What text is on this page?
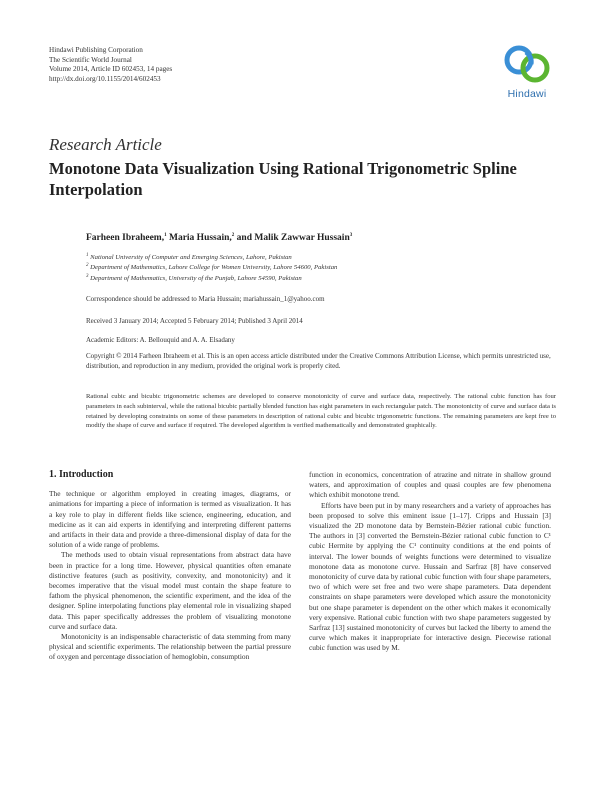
Hindawi Publishing Corporation
The Scientific World Journal
Volume 2014, Article ID 602453, 14 pages
http://dx.doi.org/10.1155/2014/602453
Hindawi
Research Article
Monotone Data Visualization Using Rational Trigonometric Spline Interpolation
Farheen Ibraheem,$^1$ Maria Hussain,$^2$ and Malik Zawwar Hussain$^3$
$^1$ National University of Computer and Emerging Sciences, Lahore, Pakistan
$^2$ Department of Mathematics, Lahore College for Women University, Lahore 54600, Pakistan
$^3$ Department of Mathematics, University of the Punjab, Lahore 54590, Pakistan
Correspondence should be addressed to Maria Hussain; mariahussain_1@yahoo.com
Received 3 January 2014; Accepted 5 February 2014; Published 3 April 2014
Academic Editors: A. Bellouquid and A. A. Elsadany
Copyright © 2014 Farheen Ibraheem et al. This is an open access article distributed under the Creative Commons Attribution License, which permits unrestricted use, distribution, and reproduction in any medium, provided the original work is properly cited.
Rational cubic and bicubic trigonometric schemes are developed to conserve monotonicity of curve and surface data, respectively. The rational cubic function has four parameters in each subinterval, while the rational bicubic partially blended function has eight parameters in each rectangular patch. The monotonicity of curve and surface data is retained by developing constraints on some of these parameters in description of rational cubic and bicubic trigonometric functions. The remaining parameters are kept free to modify the shape of curve and surface if required. The developed algorithm is verified mathematically and demonstrated graphically.
1. Introduction

The technique or algorithm employed in creating images, diagrams, or animations for imparting a piece of information is termed as visualization. It has a key role to play in different fields like science, engineering, education, and medicine as it can aid experts in identifying and interpreting different patterns and artifacts in their data and provide a three-dimensional display of data for the solution of a wide range of problems.

The methods used to obtain visual representations from abstract data have been in practice for a long time. However, physical quantities often emanate distinctive features (such as positivity, convexity, and monotonicity) and it becomes imperative that the visual model must contain the shape feature to fathom the physical phenomenon, the scientific experiment, and the idea of the designer. Spline interpolating functions play elemental role in visualizing shaped data. This paper specifically addresses the problem of visualizing monotone curve and surface data.

Monotonicity is an indispensable characteristic of data stemming from many physical and scientific experiments. The relationship between the partial pressure of oxygen and percentage dissociation of hemoglobin, consumption

function in economics, concentration of atrazine and nitrate in shallow ground waters, and approximation of couples and quasi couples are few phenomena which exhibit monotone trend.

Efforts have been put in by many researchers and a variety of approaches has been proposed to solve this eminent issue [1–17]. Cripps and Hussain [3] visualized the 2D monotone data by Bernstein-Bézier rational cubic function. The authors in [3] converted the Bernstein-Bézier rational cubic function to C¹ cubic Hermite by applying the C¹ continuity conditions at the end points of interval. The lower bounds of weights functions were determined to visualize monotone data as monotone curve. Hussain and Sarfraz [8] have conserved monotonicity of curve data by rational cubic function with four shape parameters, two of which were set free and two were shape parameters. Data dependent constraints on shape parameters were developed which assure the monotonicity but one shape parameter is dependent on the other which makes it economically very expensive. Rational cubic function with two shape parameters suggested by Sarfraz [13] sustained monotonicity of curves but lacked the liberty to amend the curve which makes it inappropriate for interactive design. Piecewise rational cubic function was used by M.
